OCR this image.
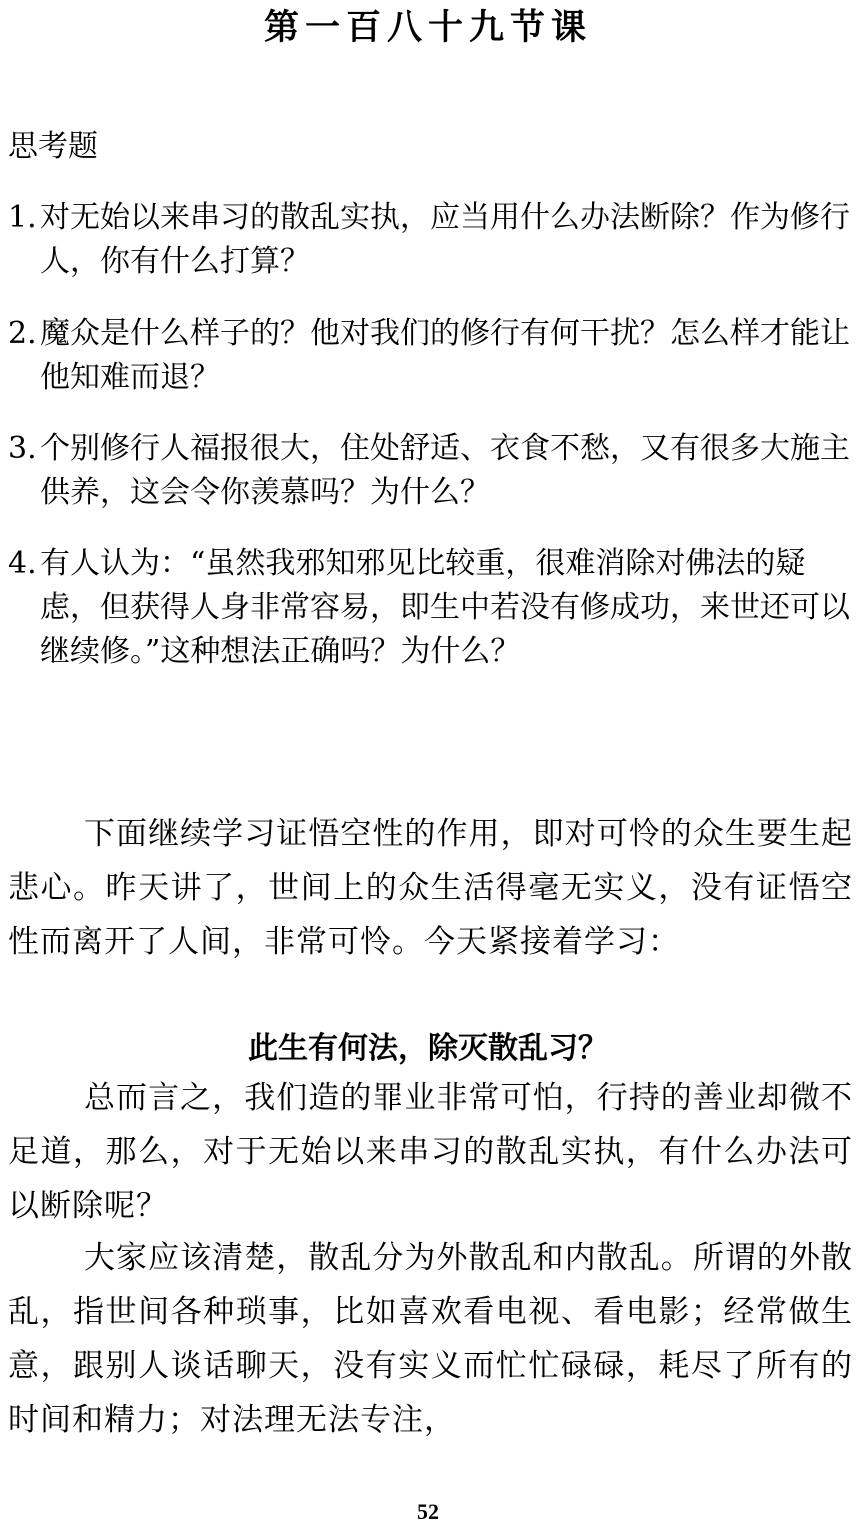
第一百八十九节课
思考题
1. 对无始以来串习的散乱实执，应当用什么办法断除？作为修行人，你有什么打算？
2. 魔众是什么样子的？他对我们的修行有何干扰？怎么样才能让他知难而退？
3. 个别修行人福报很大，住处舒适、衣食不愁，又有很多大施主供养，这会令你羡慕吗？为什么？
4. 有人认为：“虽然我邪知邪见比较重，很难消除对佛法的疑虑，但获得人身非常容易，即生中若没有修成功，来世还可以继续修。”这种想法正确吗？为什么？
下面继续学习证悟空性的作用，即对可怜的众生要生起悲心。昨天讲了，世间上的众生活得毫无实义，没有证悟空性而离开了人间，非常可怜。今天紧接着学习：
此生有何法，除灭散乱习？
总而言之，我们造的罪业非常可怕，行持的善业却微不足道，那么，对于无始以来串习的散乱实执，有什么办法可以断除呢？
大家应该清楚，散乱分为外散乱和内散乱。所谓的外散乱，指世间各种琐事，比如喜欢看电视、看电影；经常做生意，跟别人谈话聊天，没有实义而忙忙碌碌，耗尽了所有的时间和精力；对法理无法专注，
52
